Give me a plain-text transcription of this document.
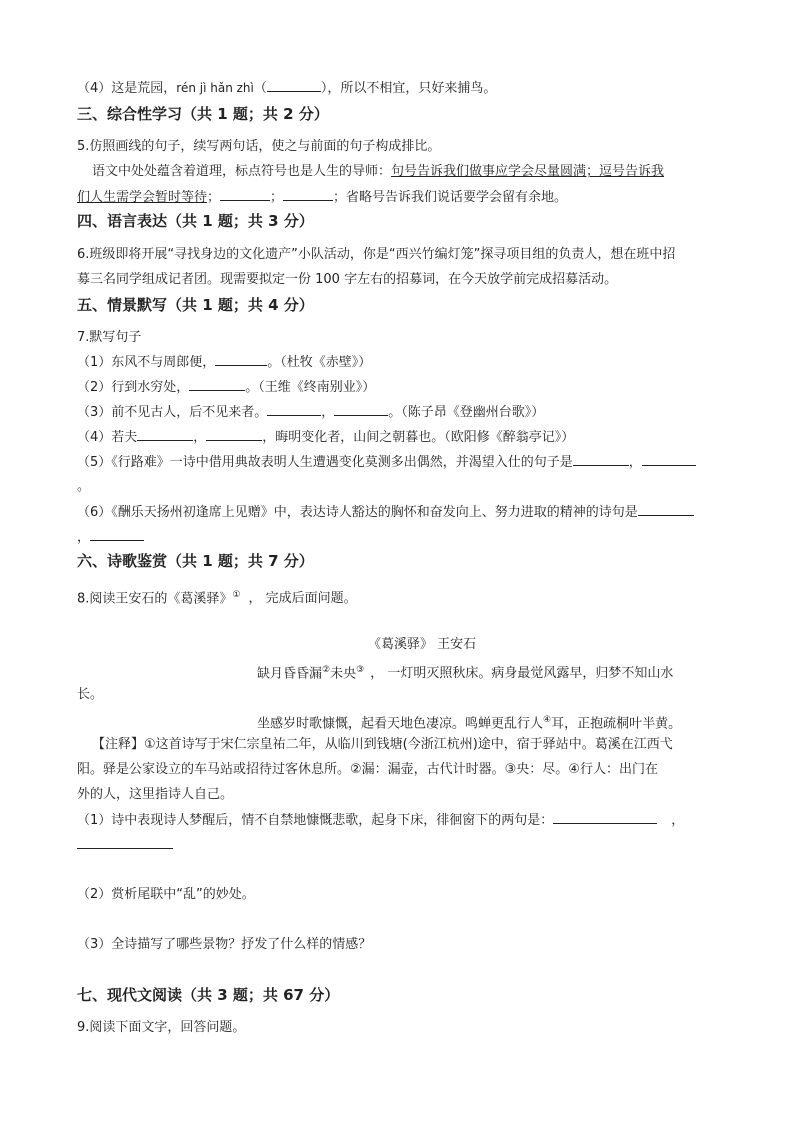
（4）这是荒园，rén jì hǎn zhì（	），所以不相宜，只好来捕鸟。
三、综合性学习（共 1 题；共 2 分）
5.仿照画线的句子，续写两句话，使之与前面的句子构成排比。
语文中处处蕴含着道理，标点符号也是人生的导师：句号告诉我们做事应学会尽量圆满；逗号告诉我
们人生需学会暂时等待；	；	；省略号告诉我们说话要学会留有余地。
四、语言表达（共 1 题；共 3 分）
6.班级即将开展“寻找身边的文化遗产”小队活动，你是“西兴竹编灯笼”探寻项目组的负责人，想在班中招
募三名同学组成记者团。现需要拟定一份 100 字左右的招募词，在今天放学前完成招募活动。
五、情景默写（共 1 题；共 4 分）
7.默写句子
（1）东风不与周郎便，	。（杜牧《赤壁》）
（2）行到水穷处，	。（王维《终南别业》）
（3）前不见古人，后不见来者。	，	。（陈子昂《登幽州台歌》）
（4）若夫	，	，晦明变化者，山间之朝暮也。（欧阳修《醉翁亭记》）
（5）《行路难》一诗中借用典故表明人生遭遇变化莫测多出偶然，并渴望入仕的句子是	，
。
（6）《酬乐天扬州初逢席上见赠》中，表达诗人豁达的胸怀和奋发向上、努力进取的精神的诗句是
，
六、诗歌鉴赏（共 1 题；共 7 分）
8.阅读王安石的《葛溪驿》① ， 完成后面问题。
《葛溪驿》 王安石
缺月昏昏漏②未央③ ， 一灯明灭照秋床。病身最觉风露早，归梦不知山水
长。
坐感岁时歌慷慨，起看天地色凄凉。鸣蝉更乱行人④耳，正抱疏桐叶半黄。
【注释】①这首诗写于宋仁宗皇祐二年，从临川到钱塘(今浙江杭州)途中，宿于驿站中。葛溪在江西弋
阳。驿是公家设立的车马站或招待过客休息所。②漏：漏壶，古代计时器。③央：尽。④行人：出门在
外的人，这里指诗人自己。
（1）诗中表现诗人梦醒后，情不自禁地慷慨悲歌，起身下床，徘徊窗下的两句是：	，
（2）赏析尾联中“乱”的妙处。
（3）全诗描写了哪些景物？抒发了什么样的情感？
七、现代文阅读（共 3 题；共 67 分）
9.阅读下面文字，回答问题。
